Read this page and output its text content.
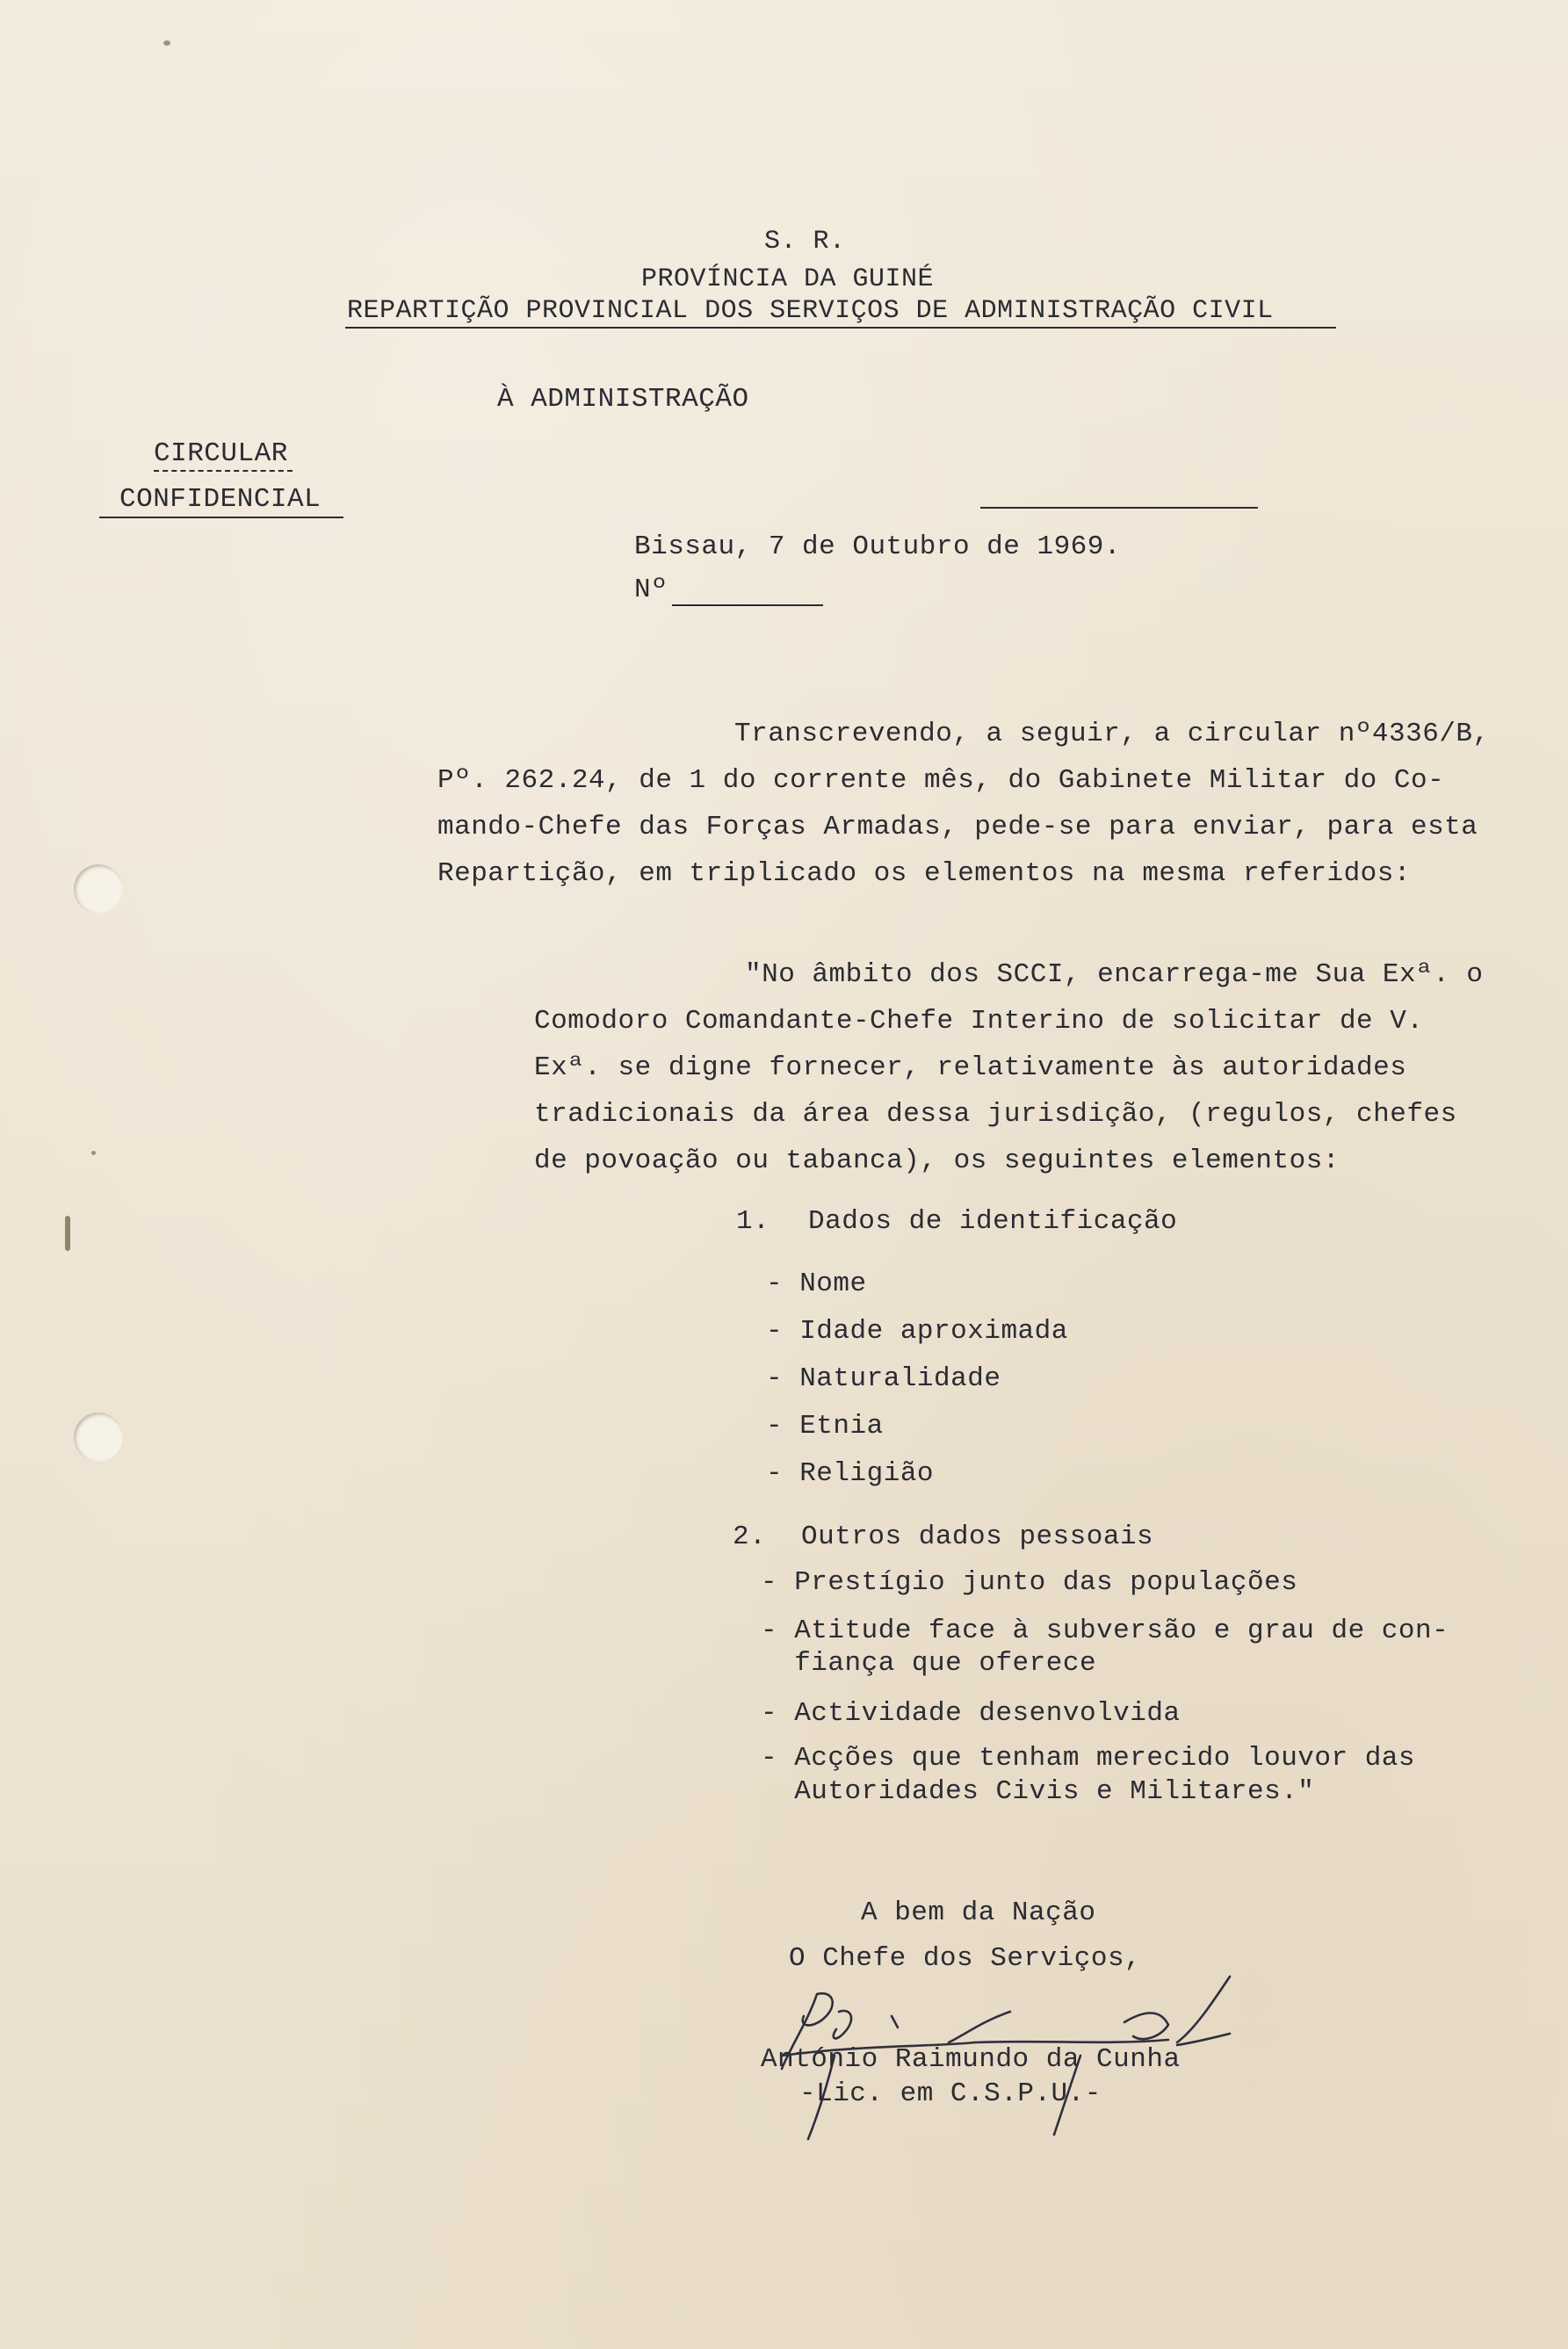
S. R.
PROVÍNCIA DA GUINÉ
REPARTIÇÃO PROVINCIAL DOS SERVIÇOS DE ADMINISTRAÇÃO CIVIL
À ADMINISTRAÇÃO
CIRCULAR
CONFIDENCIAL
Bissau, 7 de Outubro de 1969.
Nº
Transcrevendo, a seguir, a circular nº4336/B,
Pº. 262.24, de 1 do corrente mês, do Gabinete Militar do Co-
mando-Chefe das Forças Armadas, pede-se para enviar, para esta
Repartição, em triplicado os elementos na mesma referidos:
"No âmbito dos SCCI, encarrega-me Sua Exª. o
Comodoro Comandante-Chefe Interino de solicitar de V.
Exª. se digne fornecer, relativamente às autoridades
tradicionais da área dessa jurisdição, (regulos, chefes
de povoação ou tabanca), os seguintes elementos:
1. Dados de identificação
- Nome
- Idade aproximada
- Naturalidade
- Etnia
- Religião
2. Outros dados pessoais
- Prestígio junto das populações
- Atitude face à subversão e grau de con-
fiança que oferece
- Actividade desenvolvida
- Acções que tenham merecido louvor das
Autoridades Civis e Militares."
A bem da Nação
O Chefe dos Serviços,
António Raimundo da Cunha
-Lic. em C.S.P.U.-
